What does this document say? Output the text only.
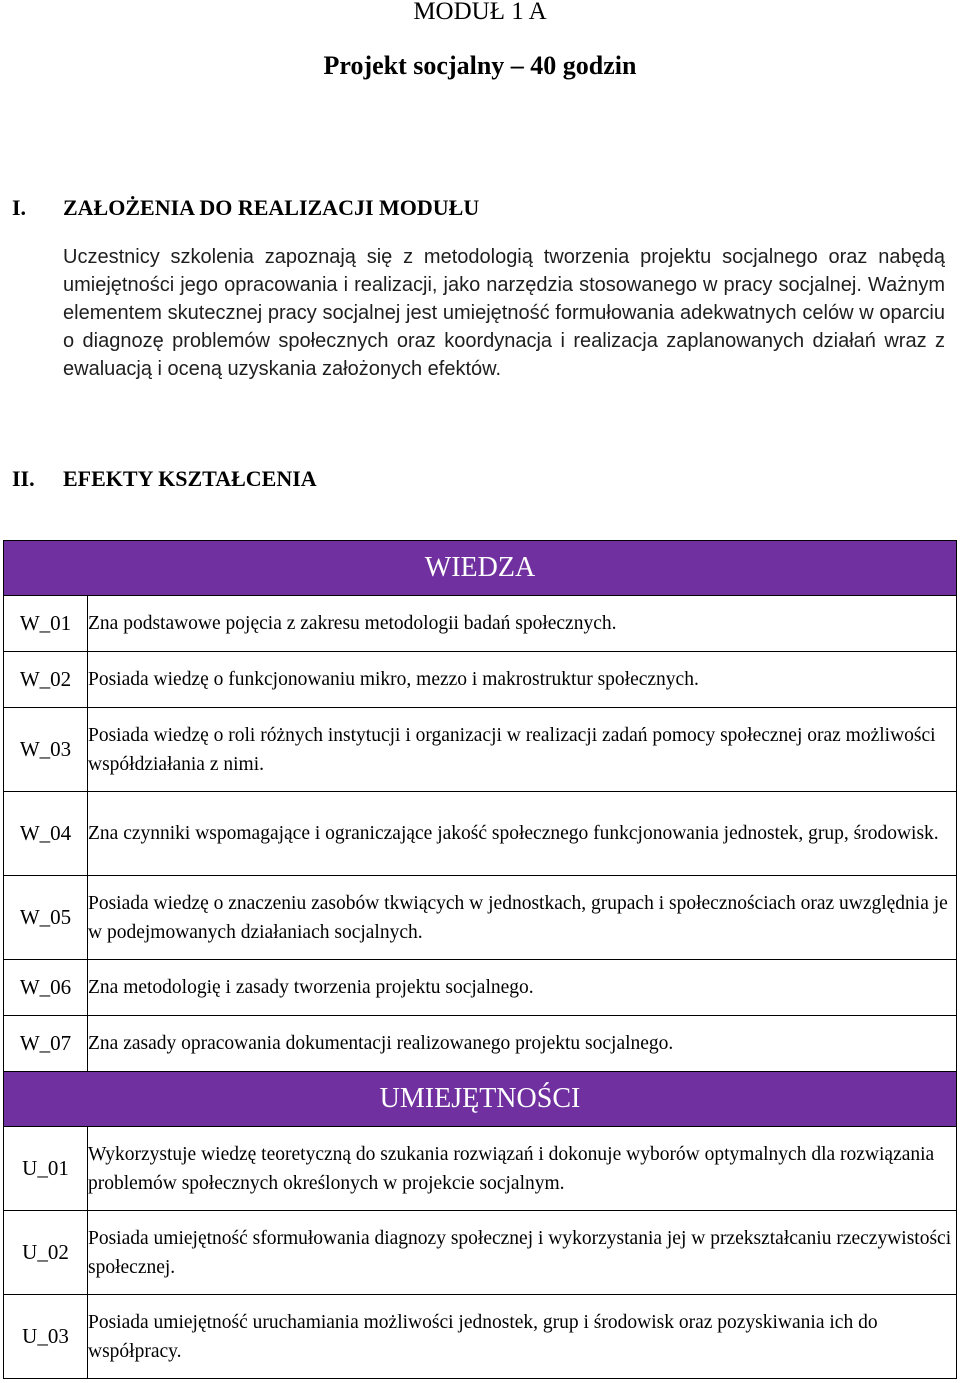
MODUŁ 1 A
Projekt socjalny – 40 godzin
I. ZAŁOŻENIA DO REALIZACJI MODUŁU
Uczestnicy szkolenia zapoznają się z metodologią tworzenia projektu socjalnego oraz nabędą umiejętności jego opracowania i realizacji, jako narzędzia stosowanego w pracy socjalnej. Ważnym elementem skutecznej pracy socjalnej jest umiejętność formułowania adekwatnych celów w oparciu o diagnozę problemów społecznych oraz koordynacja i realizacja zaplanowanych działań wraz z ewaluacją i oceną uzyskania założonych efektów.
II. EFEKTY KSZTAŁCENIA
WIEDZA	
W_01	Zna podstawowe pojęcia z zakresu metodologii badań społecznych.
W_02	Posiada wiedzę o funkcjonowaniu mikro, mezzo i makrostruktur społecznych.
W_03	Posiada wiedzę o roli różnych instytucji i organizacji w realizacji zadań pomocy społecznej oraz możliwości współdziałania z nimi.
W_04	Zna czynniki wspomagające i ograniczające jakość społecznego funkcjonowania jednostek, grup, środowisk.
W_05	Posiada wiedzę o znaczeniu zasobów tkwiących w jednostkach, grupach i społecznościach oraz uwzględnia je w podejmowanych działaniach socjalnych.
W_06	Zna metodologię i zasady tworzenia projektu socjalnego.
W_07	Zna zasady opracowania dokumentacji realizowanego projektu socjalnego.
UMIEJĘTNOŚCI	
U_01	Wykorzystuje wiedzę teoretyczną do szukania rozwiązań i dokonuje wyborów optymalnych dla rozwiązania problemów społecznych określonych w projekcie socjalnym.
U_02	Posiada umiejętność sformułowania diagnozy społecznej i wykorzystania jej w przekształcaniu rzeczywistości społecznej.
U_03	Posiada umiejętność uruchamiania możliwości jednostek, grup i środowisk oraz pozyskiwania ich do współpracy.
